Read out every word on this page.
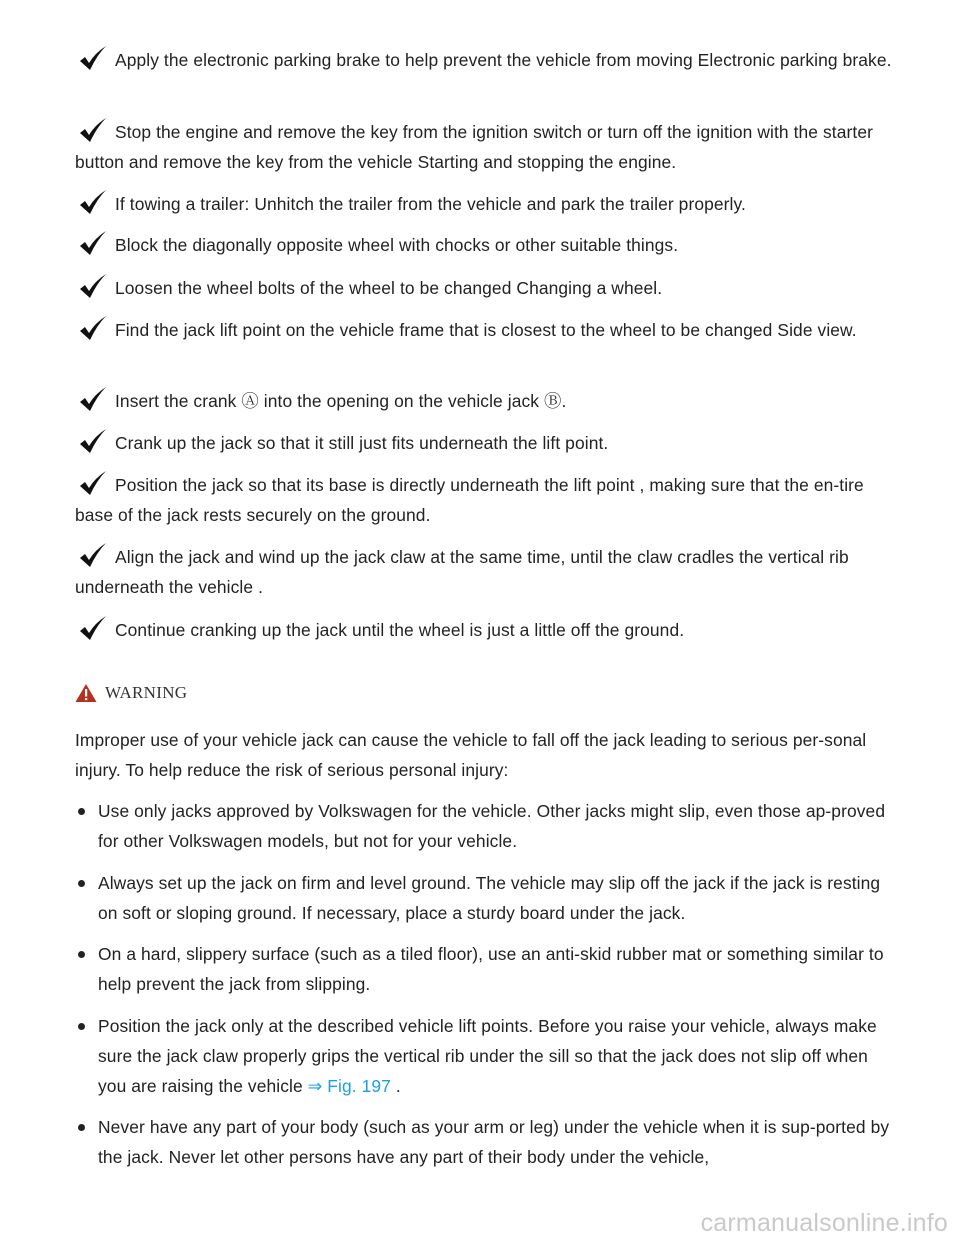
Apply the electronic parking brake to help prevent the vehicle from moving Electronic parking brake.
Stop the engine and remove the key from the ignition switch or turn off the ignition with the starter button and remove the key from the vehicle Starting and stopping the engine.
If towing a trailer: Unhitch the trailer from the vehicle and park the trailer properly.
Block the diagonally opposite wheel with chocks or other suitable things.
Loosen the wheel bolts of the wheel to be changed Changing a wheel.
Find the jack lift point on the vehicle frame that is closest to the wheel to be changed Side view.
Insert the crank Ⓐ into the opening on the vehicle jack Ⓑ.
Crank up the jack so that it still just fits underneath the lift point.
Position the jack so that its base is directly underneath the lift point , making sure that the en-tire base of the jack rests securely on the ground.
Align the jack and wind up the jack claw at the same time, until the claw cradles the vertical rib underneath the vehicle .
Continue cranking up the jack until the wheel is just a little off the ground.
WARNING
Improper use of your vehicle jack can cause the vehicle to fall off the jack leading to serious per-sonal injury. To help reduce the risk of serious personal injury:
Use only jacks approved by Volkswagen for the vehicle. Other jacks might slip, even those ap-proved for other Volkswagen models, but not for your vehicle.
Always set up the jack on firm and level ground. The vehicle may slip off the jack if the jack is resting on soft or sloping ground. If necessary, place a sturdy board under the jack.
On a hard, slippery surface (such as a tiled floor), use an anti-skid rubber mat or something similar to help prevent the jack from slipping.
Position the jack only at the described vehicle lift points. Before you raise your vehicle, always make sure the jack claw properly grips the vertical rib under the sill so that the jack does not slip off when you are raising the vehicle ⇒ Fig. 197 .
Never have any part of your body (such as your arm or leg) under the vehicle when it is sup-ported by the jack. Never let other persons have any part of their body under the vehicle,
carmanualsonline.info
